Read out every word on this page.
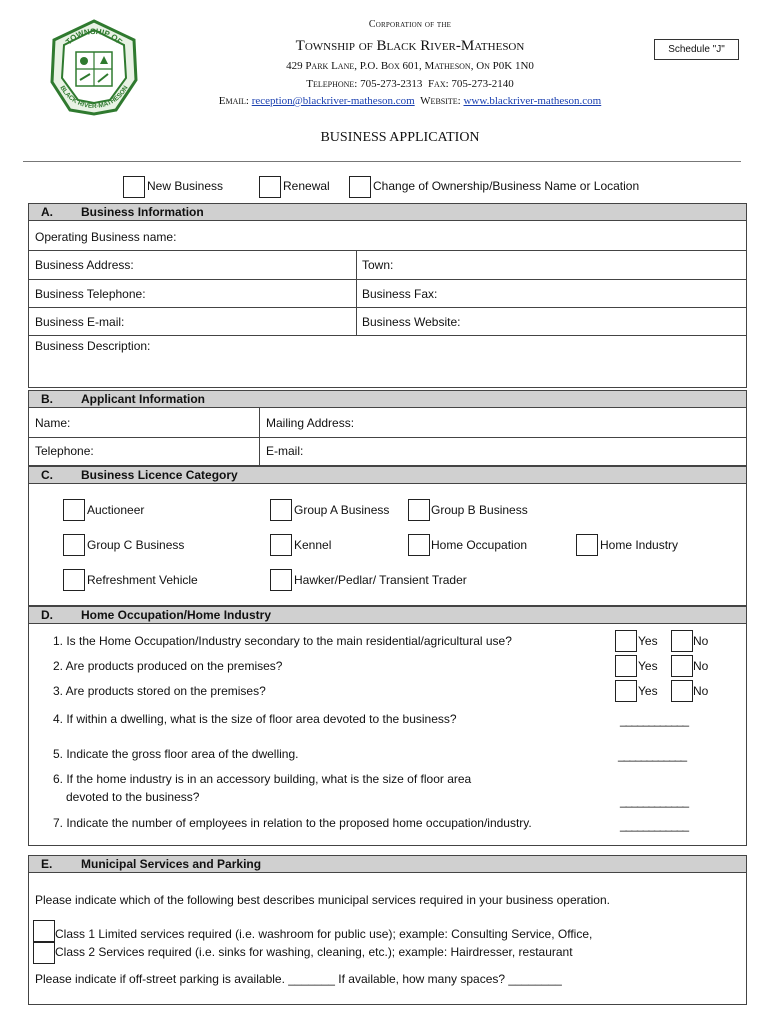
TOWNSHIP OF
BLACK RIVER-MATHESON
Corporation of the
Township of Black River-Matheson
429 Park Lane, P.O. Box 601, Matheson, On P0K 1N0
Telephone: 705-273-2313 Fax: 705-273-2140
Email: reception@blackriver-matheson.com Website: www.blackriver-matheson.com
Schedule "J"
BUSINESS APPLICATION
New Business	Renewal	Change of Ownership/Business Name or Location
A. Business Information
Operating Business name:
Business Address:	Town:
Business Telephone:	Business Fax:
Business E-mail:	Business Website:
Business Description:
B. Applicant Information
Name:	Mailing Address:
Telephone:	E-mail:
C. Business Licence Category
Auctioneer	Group A Business	Group B Business
Group C Business	Kennel	Home Occupation	Home Industry
Refreshment Vehicle	Hawker/Pedlar/ Transient Trader
D. Home Occupation/Home Industry
1. Is the Home Occupation/Industry secondary to the main residential/agricultural use?	Yes	No
2. Are products produced on the premises?	Yes	No
3. Are products stored on the premises?	Yes	No
4. If within a dwelling, what is the size of floor area devoted to the business?	____________
5. Indicate the gross floor area of the dwelling.	____________
6. If the home industry is in an accessory building, what is the size of floor area
devoted to the business?	____________
7. Indicate the number of employees in relation to the proposed home occupation/industry.	____________
E. Municipal Services and Parking
Please indicate which of the following best describes municipal services required in your business operation.
Class 1 Limited services required (i.e. washroom for public use); example: Consulting Service, Office,
Class 2 Services required (i.e. sinks for washing, cleaning, etc.); example: Hairdresser, restaurant
Please indicate if off-street parking is available. _______ If available, how many spaces? ________
